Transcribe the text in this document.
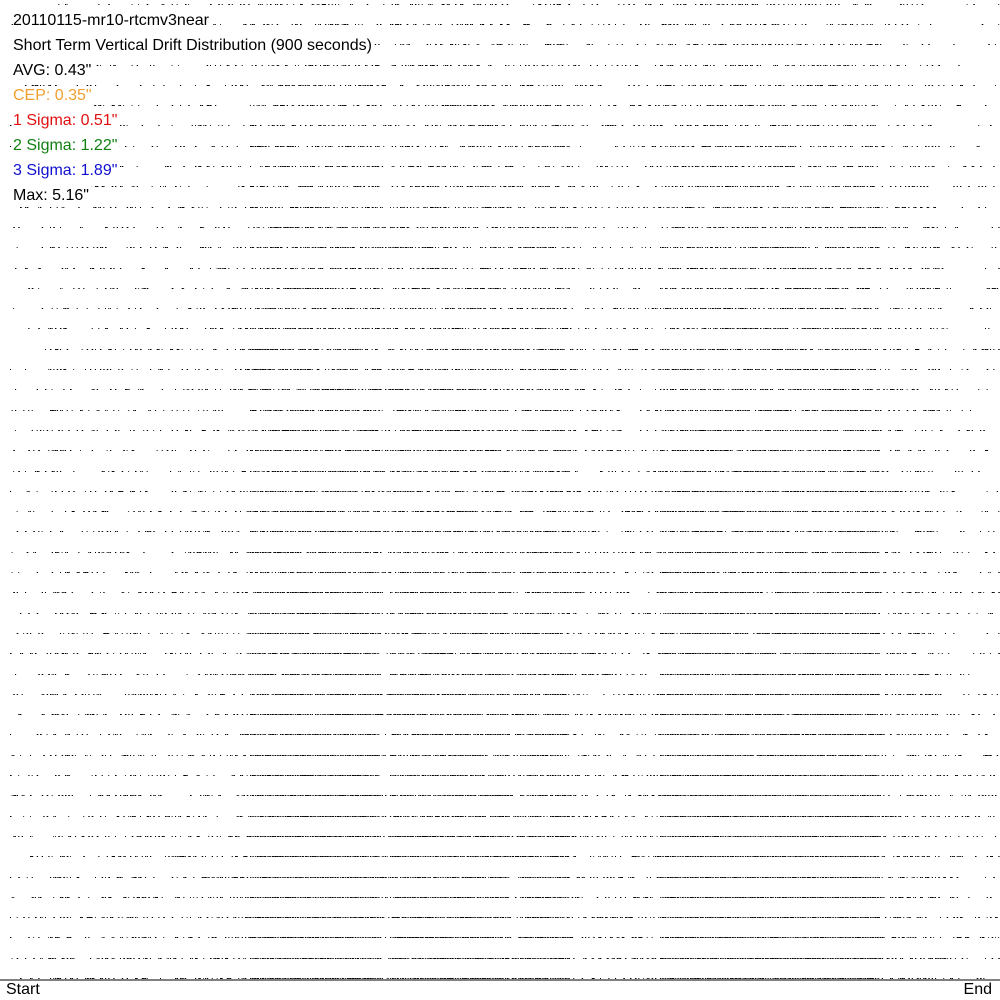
20110115-mr10-rtcmv3near
Short Term Vertical Drift Distribution (900 seconds)
AVG: 0.43"
CEP: 0.35"
1 Sigma: 0.51"
2 Sigma: 1.22"
3 Sigma: 1.89"
Max: 5.16"
Start	End
